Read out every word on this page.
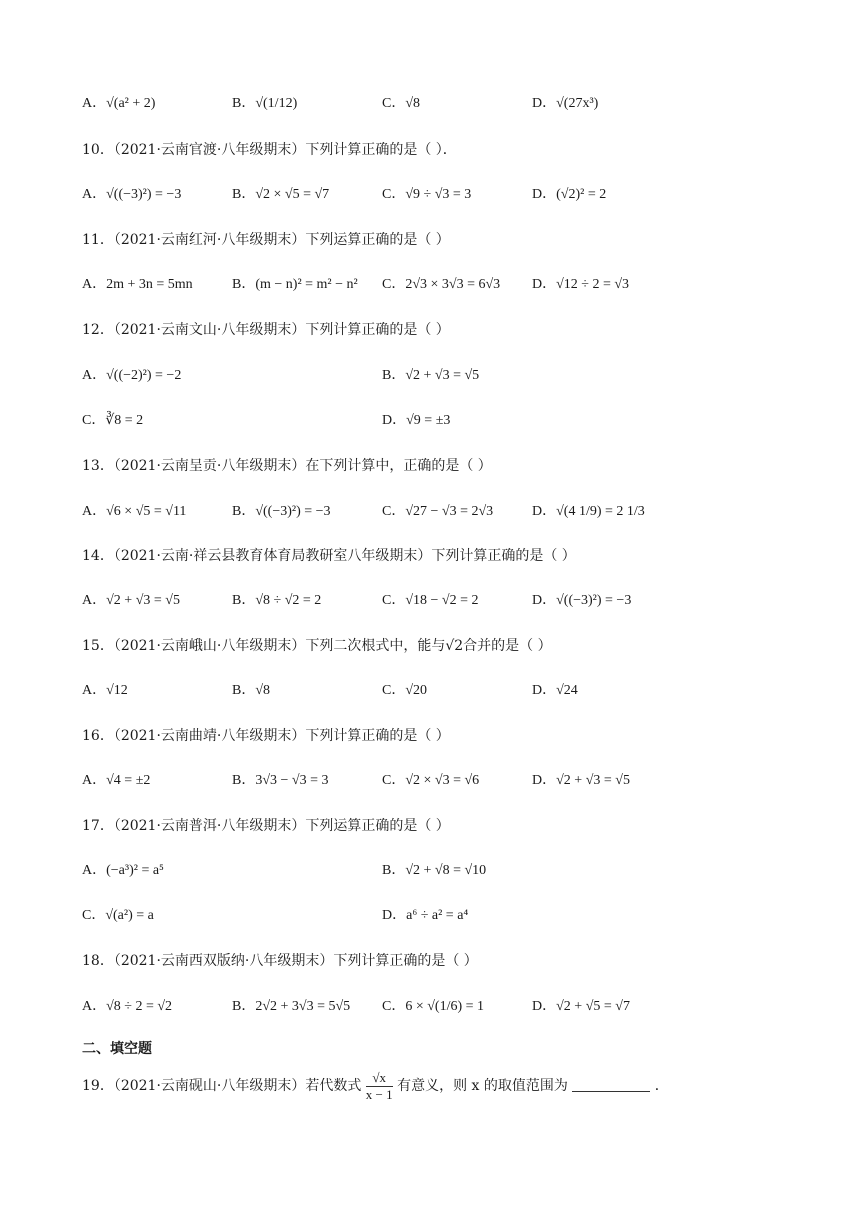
A．√(a² + 2)	B．√(1/12)	C．√8	D．√(27x³)
10．（2021·云南官渡·八年级期末）下列计算正确的是（ ）．
A．√((−3)²) = −3	B．√2 × √5 = √7	C．√9 ÷ √3 = 3	D．(√2)² = 2
11．（2021·云南红河·八年级期末）下列运算正确的是（ ）
A．2m + 3n = 5mn	B．(m − n)² = m² − n² C．2√3 × 3√3 = 6√3 D．√12 ÷ 2 = √3
12．（2021·云南文山·八年级期末）下列计算正确的是（ ）
A．√((−2)²) = −2	B．√2 + √3 = √5
C．∛8 = 2	D．√9 = ±3
13．（2021·云南呈贡·八年级期末）在下列计算中，正确的是（ ）
A．√6 × √5 = √11	B．√((−3)²) = −3	C．√27 − √3 = 2√3	D．√(4 1/9) = 2 1/3
14．（2021·云南·祥云县教育体育局教研室八年级期末）下列计算正确的是（ ）
A．√2 + √3 = √5	B．√8 ÷ √2 = 2	C．√18 − √2 = 2	D．√((−3)²) = −3
15．（2021·云南峨山·八年级期末）下列二次根式中，能与√2合并的是（ ）
A．√12	B．√8	C．√20	D．√24
16．（2021·云南曲靖·八年级期末）下列计算正确的是（ ）
A．√4 = ±2	B．3√3 − √3 = 3	C．√2 × √3 = √6	D．√2 + √3 = √5
17．（2021·云南普洱·八年级期末）下列运算正确的是（ ）
A．(−a³)² = a⁵	B．√2 + √8 = √10
C．√(a²) = a	D．a⁶ ÷ a² = a⁴
18．（2021·云南西双版纳·八年级期末）下列计算正确的是（ ）
A．√8 ÷ 2 = √2	B．2√2 + 3√3 = 5√5 C．6 × √(1/6) = 1	D．√2 + √5 = √7
二、填空题
19．（2021·云南砚山·八年级期末）若代数式 $\frac{√x}{x - 1}$ 有意义，则 x 的取值范围为	．
